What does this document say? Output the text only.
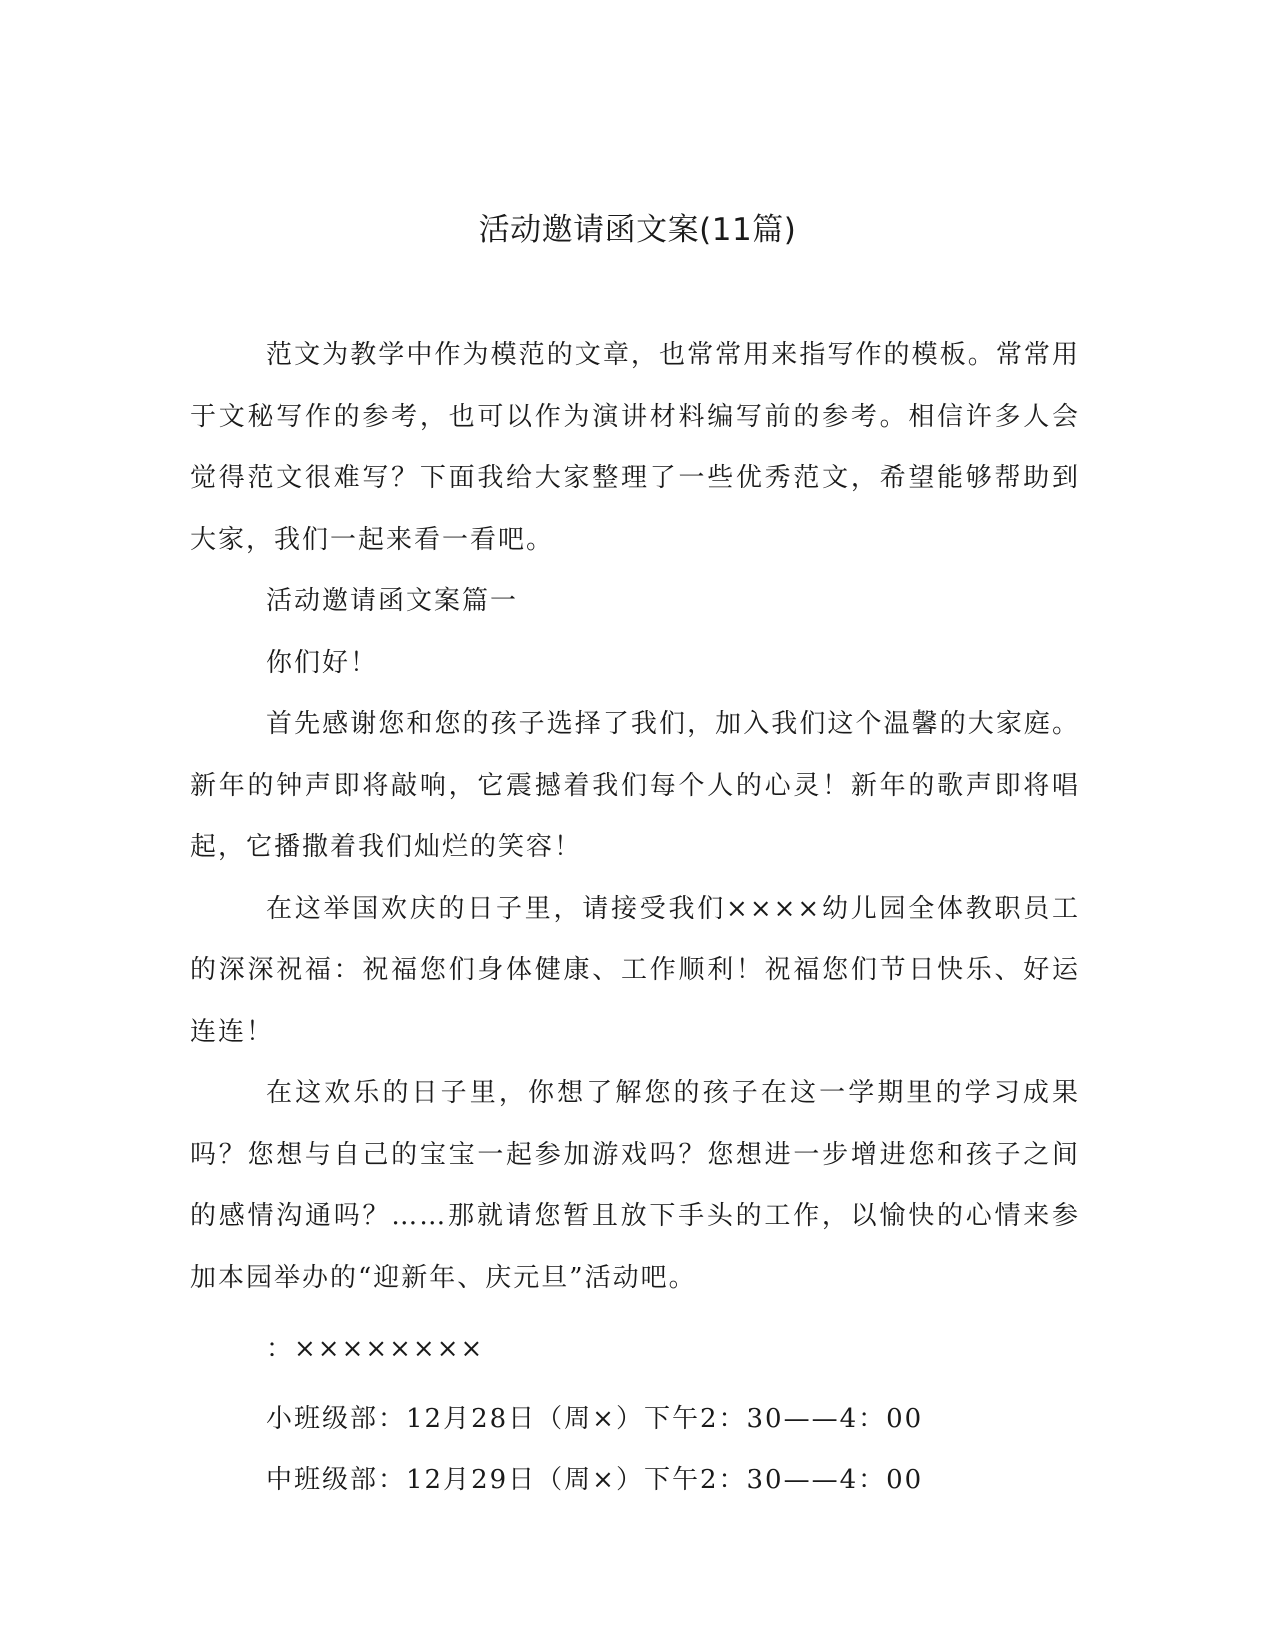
活动邀请函文案(11篇)

范文为教学中作为模范的文章，也常常用来指写作的模板。常常用于文秘写作的参考，也可以作为演讲材料编写前的参考。相信许多人会觉得范文很难写？下面我给大家整理了一些优秀范文，希望能够帮助到大家，我们一起来看一看吧。

活动邀请函文案篇一

你们好！

首先感谢您和您的孩子选择了我们，加入我们这个温馨的大家庭。新年的钟声即将敲响，它震撼着我们每个人的心灵！新年的歌声即将唱起，它播撒着我们灿烂的笑容！

在这举国欢庆的日子里，请接受我们××××幼儿园全体教职员工的深深祝福：祝福您们身体健康、工作顺利！祝福您们节日快乐、好运连连！

在这欢乐的日子里，你想了解您的孩子在这一学期里的学习成果吗？您想与自己的宝宝一起参加游戏吗？您想进一步增进您和孩子之间的感情沟通吗？……那就请您暂且放下手头的工作，以愉快的心情来参加本园举办的“迎新年、庆元旦”活动吧。

：××××××××

小班级部：12月28日（周×）下午2：30——4：00

中班级部：12月29日（周×）下午2：30——4：00
